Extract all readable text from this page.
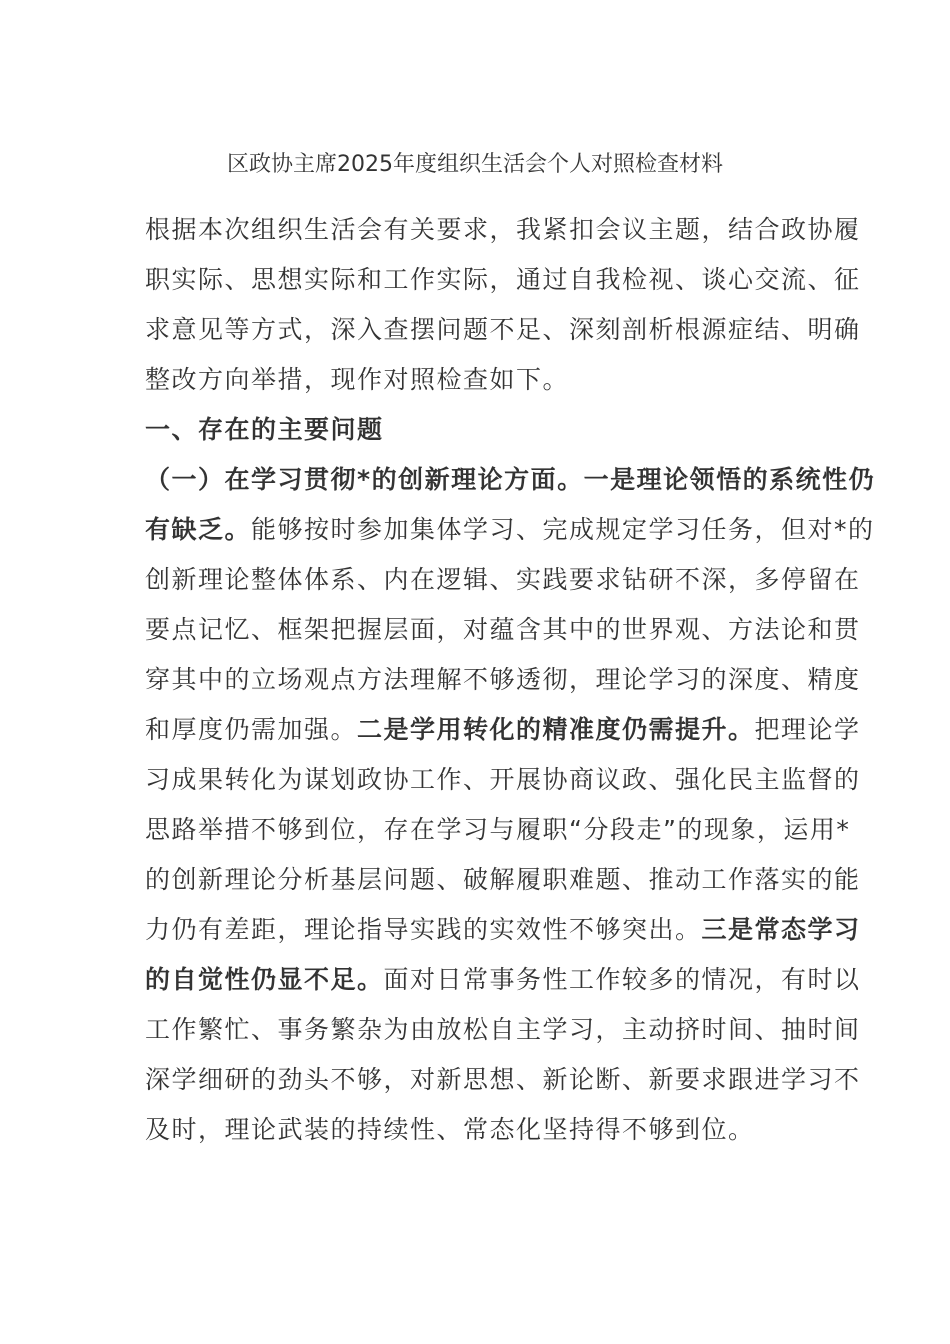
区政协主席2025年度组织生活会个人对照检查材料
根据本次组织生活会有关要求，我紧扣会议主题，结合政协履
职实际、思想实际和工作实际，通过自我检视、谈心交流、征
求意见等方式，深入查摆问题不足、深刻剖析根源症结、明确
整改方向举措，现作对照检查如下。
一、存在的主要问题
（一）在学习贯彻*的创新理论方面。一是理论领悟的系统性仍
有缺乏。能够按时参加集体学习、完成规定学习任务，但对*的
创新理论整体体系、内在逻辑、实践要求钻研不深，多停留在
要点记忆、框架把握层面，对蕴含其中的世界观、方法论和贯
穿其中的立场观点方法理解不够透彻，理论学习的深度、精度
和厚度仍需加强。二是学用转化的精准度仍需提升。把理论学
习成果转化为谋划政协工作、开展协商议政、强化民主监督的
思路举措不够到位，存在学习与履职“分段走”的现象，运用*
的创新理论分析基层问题、破解履职难题、推动工作落实的能
力仍有差距，理论指导实践的实效性不够突出。三是常态学习
的自觉性仍显不足。面对日常事务性工作较多的情况，有时以
工作繁忙、事务繁杂为由放松自主学习，主动挤时间、抽时间
深学细研的劲头不够，对新思想、新论断、新要求跟进学习不
及时，理论武装的持续性、常态化坚持得不够到位。
